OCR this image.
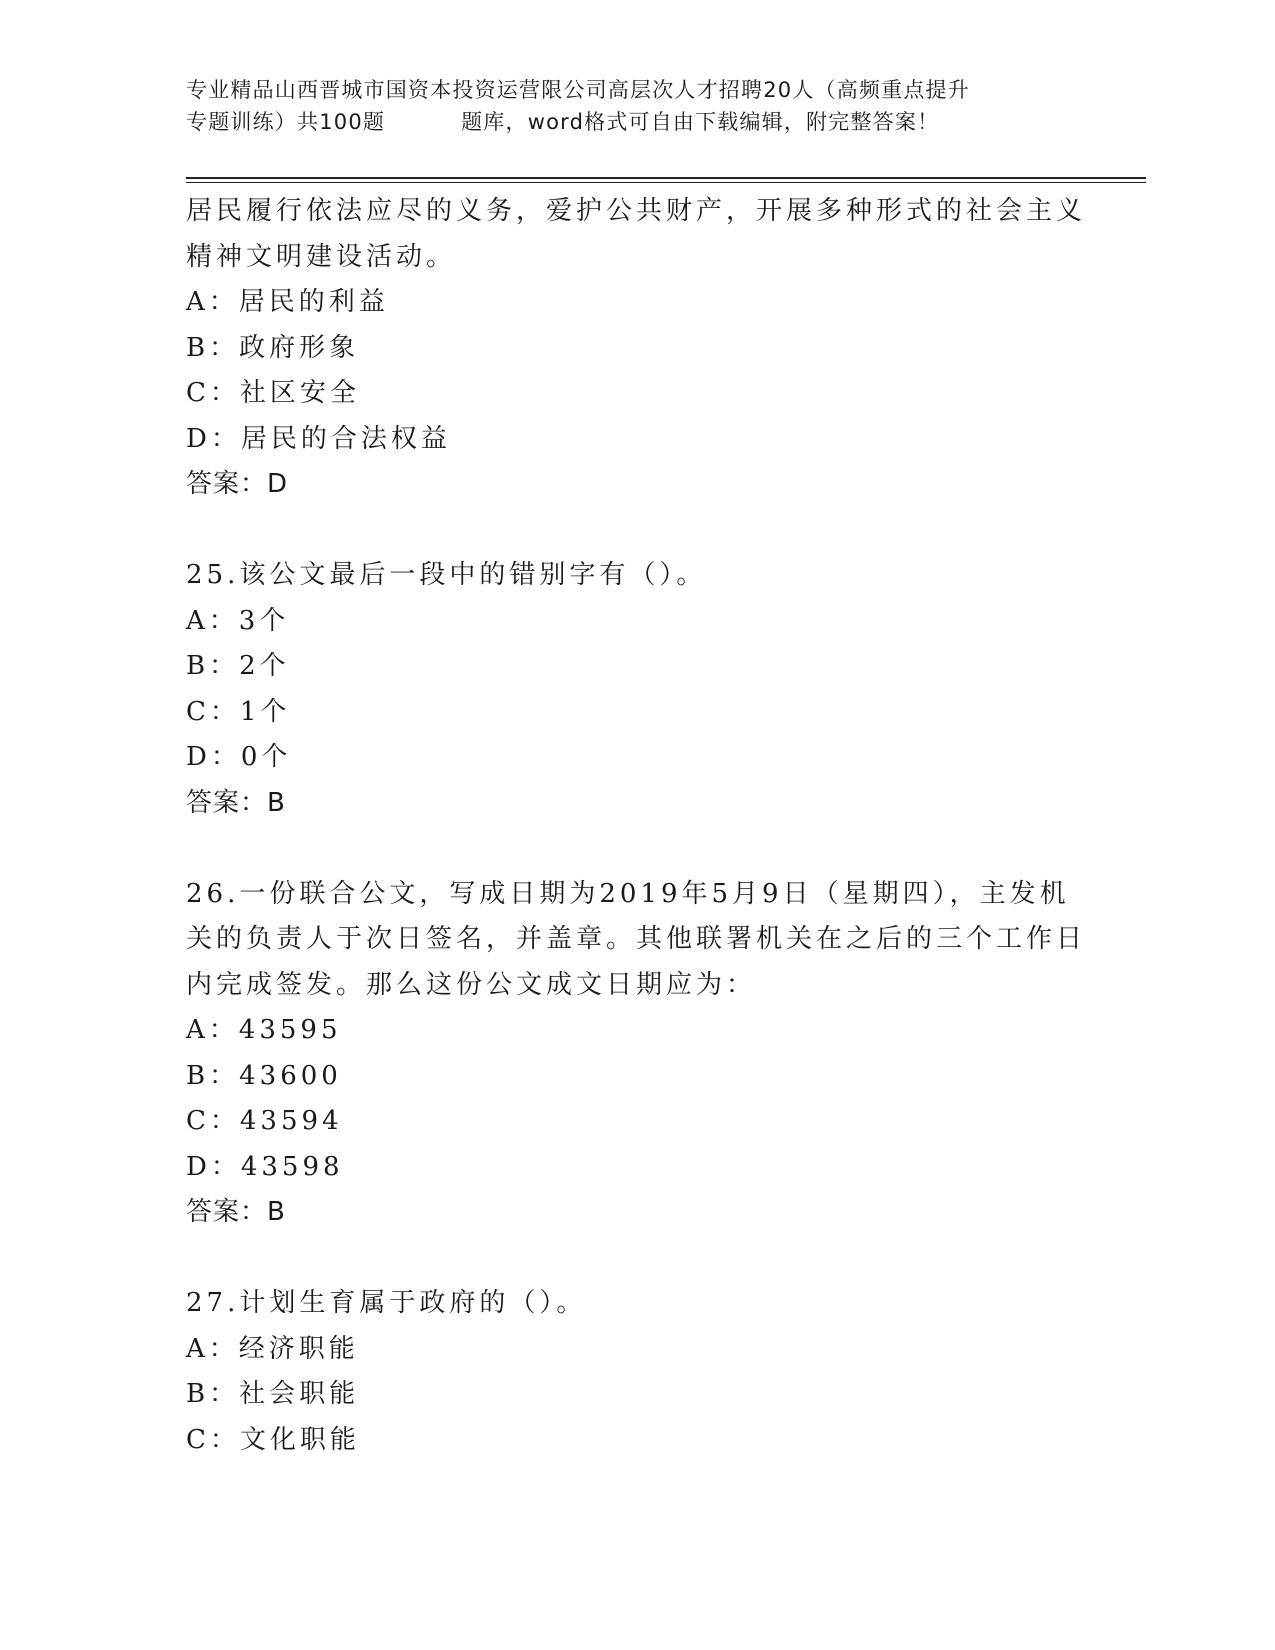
专业精品山西晋城市国资本投资运营限公司高层次人才招聘20人（高频重点提升
专题训练）共100题	题库，word格式可自由下载编辑，附完整答案！
居民履行依法应尽的义务，爱护公共财产，开展多种形式的社会主义
精神文明建设活动。
A：居民的利益
B：政府形象
C：社区安全
D：居民的合法权益
答案：D
25.该公文最后一段中的错别字有（）。
A：3个
B：2个
C：1个
D：0个
答案：B
26.一份联合公文，写成日期为2019年5月9日（星期四），主发机
关的负责人于次日签名，并盖章。其他联署机关在之后的三个工作日
内完成签发。那么这份公文成文日期应为：
A：43595
B：43600
C：43594
D：43598
答案：B
27.计划生育属于政府的（）。
A：经济职能
B：社会职能
C：文化职能
